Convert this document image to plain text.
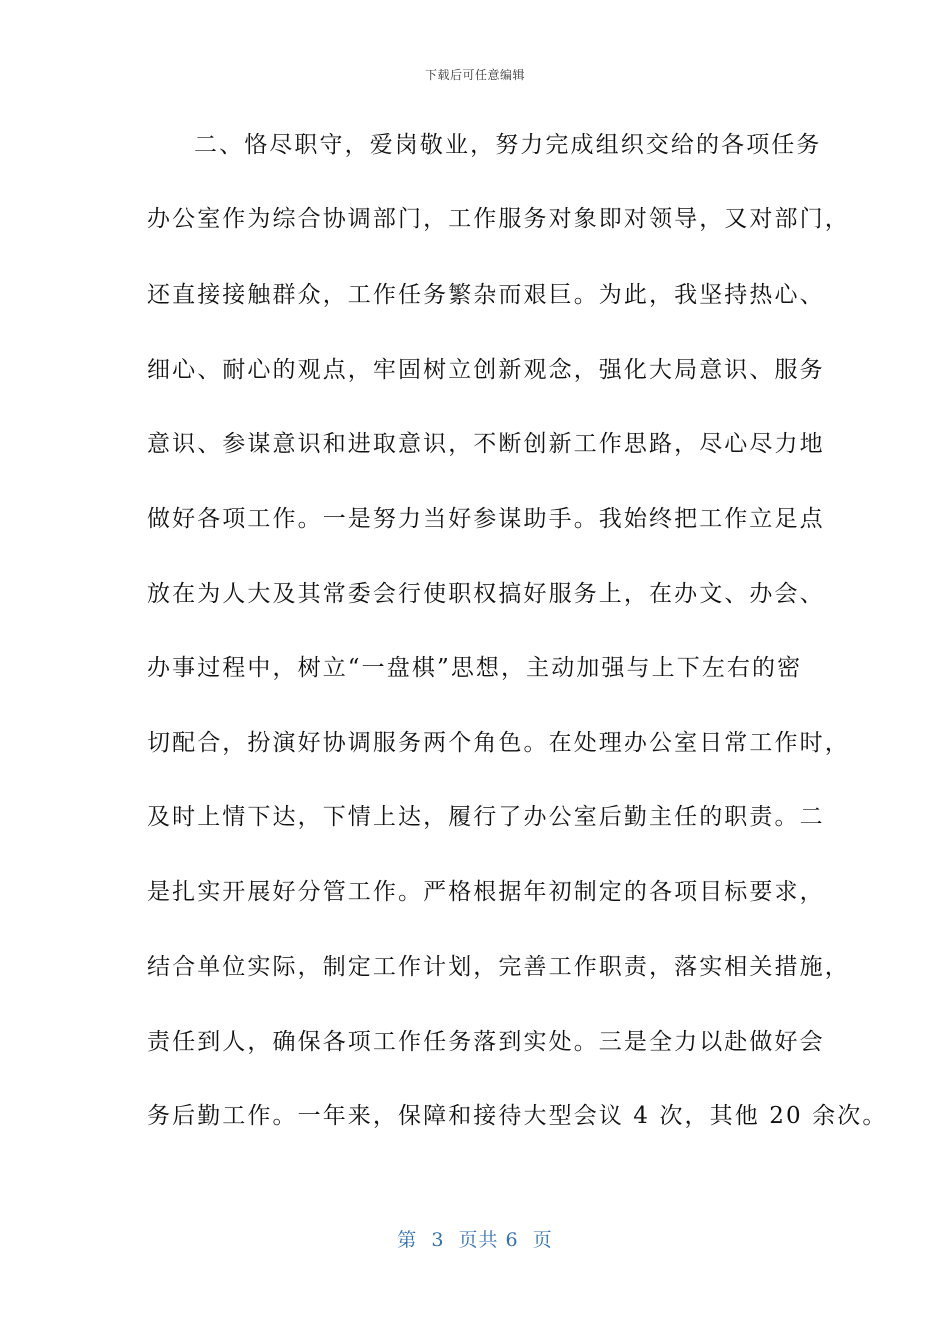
下载后可任意编辑
二、恪尽职守，爱岗敬业，努力完成组织交给的各项任务
办公室作为综合协调部门，工作服务对象即对领导，又对部门，
还直接接触群众，工作任务繁杂而艰巨。为此，我坚持热心、
细心、耐心的观点，牢固树立创新观念，强化大局意识、服务
意识、参谋意识和进取意识，不断创新工作思路，尽心尽力地
做好各项工作。一是努力当好参谋助手。我始终把工作立足点
放在为人大及其常委会行使职权搞好服务上，在办文、办会、
办事过程中，树立“一盘棋”思想，主动加强与上下左右的密
切配合，扮演好协调服务两个角色。在处理办公室日常工作时，
及时上情下达，下情上达，履行了办公室后勤主任的职责。二
是扎实开展好分管工作。严格根据年初制定的各项目标要求，
结合单位实际，制定工作计划，完善工作职责，落实相关措施，
责任到人，确保各项工作任务落到实处。三是全力以赴做好会
务后勤工作。一年来，保障和接待大型会议 4 次，其他 20 余次。
第  3  页共 6  页
